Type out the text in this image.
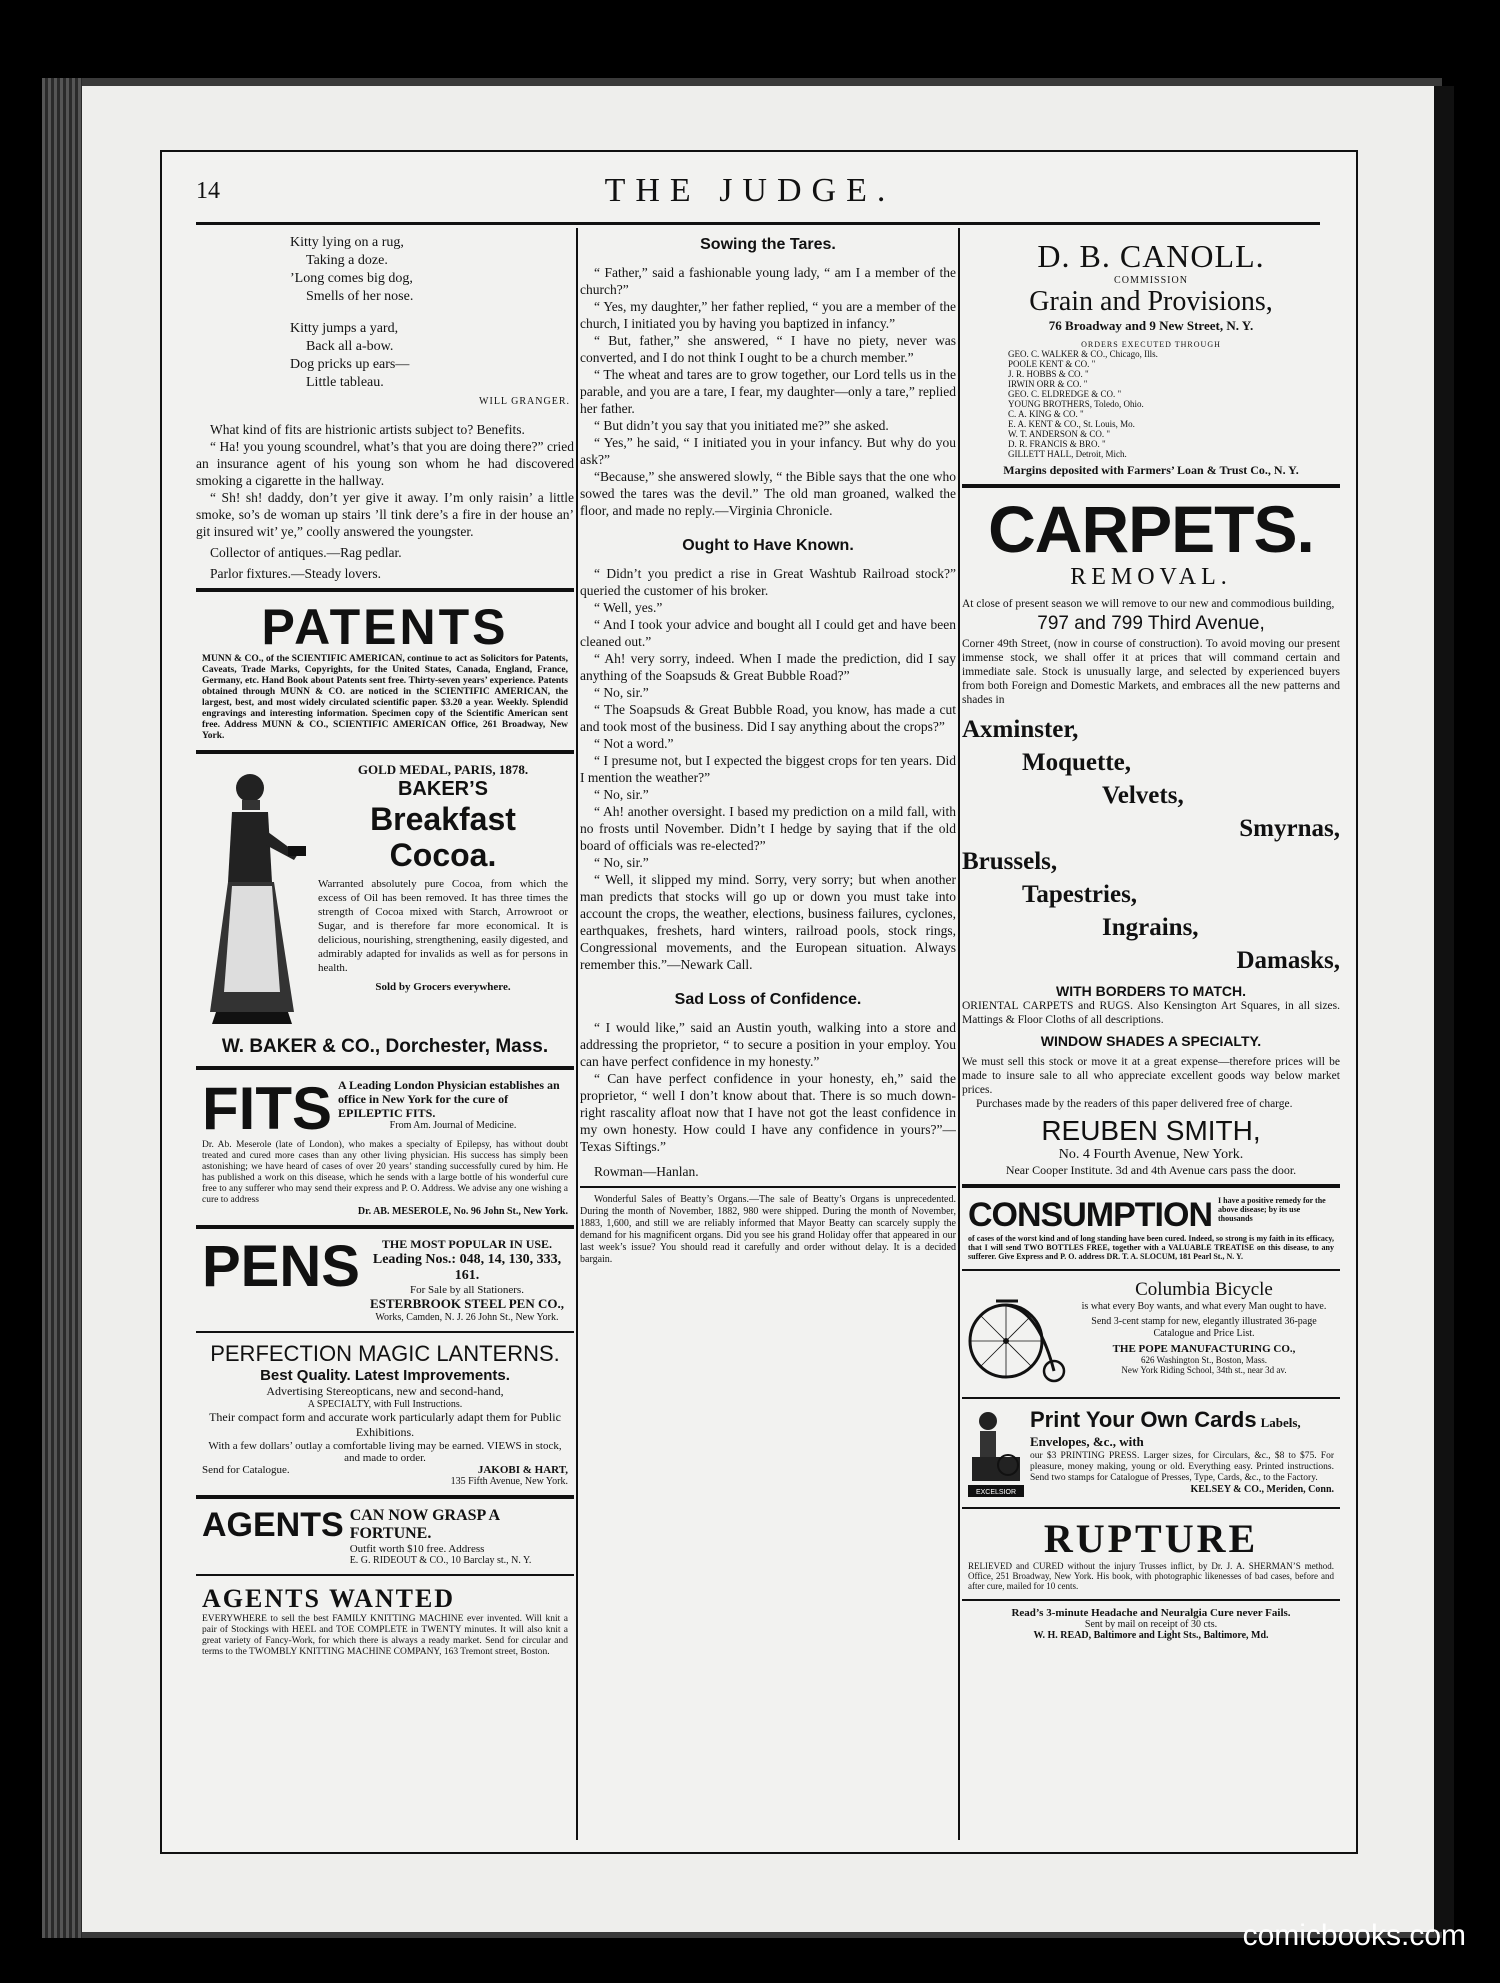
14	THE JUDGE.
Kitty lying on a rug,
Taking a doze.
’Long comes big dog,
Smells of her nose.
Kitty jumps a yard,
Back all a-bow.
Dog pricks up ears—
Little tableau.
WILL GRANGER.

What kind of fits are histrionic artists subject to? Benefits.

“ Ha! you young scoundrel, what’s that you are doing there?” cried an insurance agent of his young son whom he had discovered smoking a cigarette in the hallway.

“ Sh! sh! daddy, don’t yer give it away. I’m only raisin’ a little smoke, so’s de woman up stairs ’ll tink dere’s a fire in der house an’ git insured wit’ ye,” coolly answered the youngster.

Collector of antiques.—Rag pedlar.

Parlor fixtures.—Steady lovers.

PATENTS

MUNN & CO., of the SCIENTIFIC AMERICAN, continue to act as Solicitors for Patents, Caveats, Trade Marks, Copyrights, for the United States, Canada, England, France, Germany, etc. Hand Book about Patents sent free. Thirty-seven years’ experience. Patents obtained through MUNN & CO. are noticed in the SCIENTIFIC AMERICAN, the largest, best, and most widely circulated scientific paper. $3.20 a year. Weekly. Splendid engravings and interesting information. Specimen copy of the Scientific American sent free. Address MUNN & CO., SCIENTIFIC AMERICAN Office, 261 Broadway, New York.

GOLD MEDAL, PARIS, 1878.
BAKER’S
Breakfast Cocoa.

Warranted absolutely pure Cocoa, from which the excess of Oil has been removed. It has three times the strength of Cocoa mixed with Starch, Arrowroot or Sugar, and is therefore far more economical. It is delicious, nourishing, strengthening, easily digested, and admirably adapted for invalids as well as for persons in health.

Sold by Grocers everywhere.
W. BAKER & CO., Dorchester, Mass.
FITS A Leading London Physician establishes an office in New York for the cure of EPILEPTIC FITS.
From Am. Journal of Medicine.

Dr. Ab. Meserole (late of London), who makes a specialty of Epilepsy, has without doubt treated and cured more cases than any other living physician. His success has simply been astonishing; we have heard of cases of over 20 years’ standing successfully cured by him. He has published a work on this disease, which he sends with a large bottle of his wonderful cure free to any sufferer who may send their express and P. O. Address. We advise any one wishing a cure to address

Dr. AB. MESEROLE, No. 96 John St., New York.
PENS	THE MOST POPULAR IN USE.
Leading Nos.: 048, 14, 130, 333, 161.
For Sale by all Stationers.
ESTERBROOK STEEL PEN CO.,
Works, Camden, N. J. 26 John St., New York.
PERFECTION MAGIC LANTERNS.
Best Quality. Latest Improvements.
Advertising Stereopticans, new and second-hand,
A SPECIALTY, with Full Instructions.
Their compact form and accurate work particularly adapt them for Public Exhibitions.
With a few dollars’ outlay a comfortable living may be earned. VIEWS in stock, and made to order.
Send for Catalogue.	JAKOBI & HART,
135 Fifth Avenue, New York.
AGENTS CAN NOW GRASP A FORTUNE.
Outfit worth $10 free. Address
E. G. RIDEOUT & CO., 10 Barclay st., N. Y.
AGENTS WANTED

EVERYWHERE to sell the best FAMILY KNITTING MACHINE ever invented. Will knit a pair of Stockings with HEEL and TOE COMPLETE in TWENTY minutes. It will also knit a great variety of Fancy-Work, for which there is always a ready market. Send for circular and terms to the TWOMBLY KNITTING MACHINE COMPANY, 163 Tremont street, Boston.

Sowing the Tares.

“ Father,” said a fashionable young lady, “ am I a member of the church?”

“ Yes, my daughter,” her father replied, “ you are a member of the church, I initiated you by having you baptized in infancy.”

“ But, father,” she answered, “ I have no piety, never was converted, and I do not think I ought to be a church member.”

“ The wheat and tares are to grow together, our Lord tells us in the parable, and you are a tare, I fear, my daughter—only a tare,” replied her father.

“ But didn’t you say that you initiated me?” she asked.

“ Yes,” he said, “ I initiated you in your infancy. But why do you ask?”

“Because,” she answered slowly, “ the Bible says that the one who sowed the tares was the devil.” The old man groaned, walked the floor, and made no reply.—Virginia Chronicle.

Ought to Have Known.

“ Didn’t you predict a rise in Great Washtub Railroad stock?” queried the customer of his broker.

“ Well, yes.”

“ And I took your advice and bought all I could get and have been cleaned out.”

“ Ah! very sorry, indeed. When I made the prediction, did I say anything of the Soapsuds & Great Bubble Road?”

“ No, sir.”

“ The Soapsuds & Great Bubble Road, you know, has made a cut and took most of the business. Did I say anything about the crops?”

“ Not a word.”

“ I presume not, but I expected the biggest crops for ten years. Did I mention the weather?”

“ No, sir.”

“ Ah! another oversight. I based my prediction on a mild fall, with no frosts until November. Didn’t I hedge by saying that if the old board of officials was re-elected?”

“ No, sir.”

“ Well, it slipped my mind. Sorry, very sorry; but when another man predicts that stocks will go up or down you must take into account the crops, the weather, elections, business failures, cyclones, earthquakes, freshets, hard winters, railroad pools, stock rings, Congressional movements, and the European situation. Always remember this.”—Newark Call.

Sad Loss of Confidence.

“ I would like,” said an Austin youth, walking into a store and addressing the proprietor, “ to secure a position in your employ. You can have perfect confidence in my honesty.”

“ Can have perfect confidence in your honesty, eh,” said the proprietor, “ well I don’t know about that. There is so much down-right rascality afloat now that I have not got the least confidence in my own honesty. How could I have any confidence in yours?”—Texas Siftings.”

Rowman—Hanlan.

Wonderful Sales of Beatty’s Organs.—The sale of Beatty’s Organs is unprecedented. During the month of November, 1882, 980 were shipped. During the month of November, 1883, 1,600, and still we are reliably informed that Mayor Beatty can scarcely supply the demand for his magnificent organs. Did you see his grand Holiday offer that appeared in our last week’s issue? You should read it carefully and order without delay. It is a decided bargain.

D. B. CANOLL.
COMMISSION
Grain and Provisions,
76 Broadway and 9 New Street, N. Y.
ORDERS EXECUTED THROUGH
GEO. C. WALKER & CO., Chicago, Ills.
POOLE KENT & CO. "
J. R. HOBBS & CO. "
IRWIN ORR & CO. "
GEO. C. ELDREDGE & CO. "
YOUNG BROTHERS, Toledo, Ohio.
C. A. KING & CO. "
E. A. KENT & CO., St. Louis, Mo.
W. T. ANDERSON & CO. "
D. R. FRANCIS & BRO. "
GILLETT HALL, Detroit, Mich.
Margins deposited with Farmers’ Loan & Trust Co., N. Y.
CARPETS.
REMOVAL.

At close of present season we will remove to our new and commodious building,

797 and 799 Third Avenue,

Corner 49th Street, (now in course of construction). To avoid moving our present immense stock, we shall offer it at prices that will command certain and immediate sale. Stock is unusually large, and selected by experienced buyers from both Foreign and Domestic Markets, and embraces all the new patterns and shades in

Axminster,
Moquette,
Velvets,
Smyrnas,
Brussels,
Tapestries,
Ingrains,
Damasks,
WITH BORDERS TO MATCH.

ORIENTAL CARPETS and RUGS. Also Kensington Art Squares, in all sizes. Mattings & Floor Cloths of all descriptions.

WINDOW SHADES A SPECIALTY.

We must sell this stock or move it at a great expense—therefore prices will be made to insure sale to all who appreciate excellent goods way below market prices.

Purchases made by the readers of this paper delivered free of charge.

REUBEN SMITH,
No. 4 Fourth Avenue, New York.
Near Cooper Institute. 3d and 4th Avenue cars pass the door.
CONSUMPTION I have a positive remedy for the above disease; by its use thousands

of cases of the worst kind and of long standing have been cured. Indeed, so strong is my faith in its efficacy, that I will send TWO BOTTLES FREE, together with a VALUABLE TREATISE on this disease, to any sufferer. Give Express and P. O. address DR. T. A. SLOCUM, 181 Pearl St., N. Y.

Columbia Bicycle
is what every Boy wants, and what every Man ought to have.
Send 3-cent stamp for new, elegantly illustrated 36-page Catalogue and Price List.
THE POPE MANUFACTURING CO.,
626 Washington St., Boston, Mass.
New York Riding School, 34th st., near 3d av.
EXCELSIOR
Print Your Own Cards Labels, Envelopes, &c., with

our $3 PRINTING PRESS. Larger sizes, for Circulars, &c., $8 to $75. For pleasure, money making, young or old. Everything easy. Printed instructions. Send two stamps for Catalogue of Presses, Type, Cards, &c., to the Factory.

KELSEY & CO., Meriden, Conn.
RUPTURE

RELIEVED and CURED without the injury Trusses inflict, by Dr. J. A. SHERMAN’S method. Office, 251 Broadway, New York. His book, with photographic likenesses of bad cases, before and after cure, mailed for 10 cents.

Read’s 3-minute Headache and Neuralgia Cure never Fails.
Sent by mail on receipt of 30 cts.
W. H. READ, Baltimore and Light Sts., Baltimore, Md.
comicbooks.com
